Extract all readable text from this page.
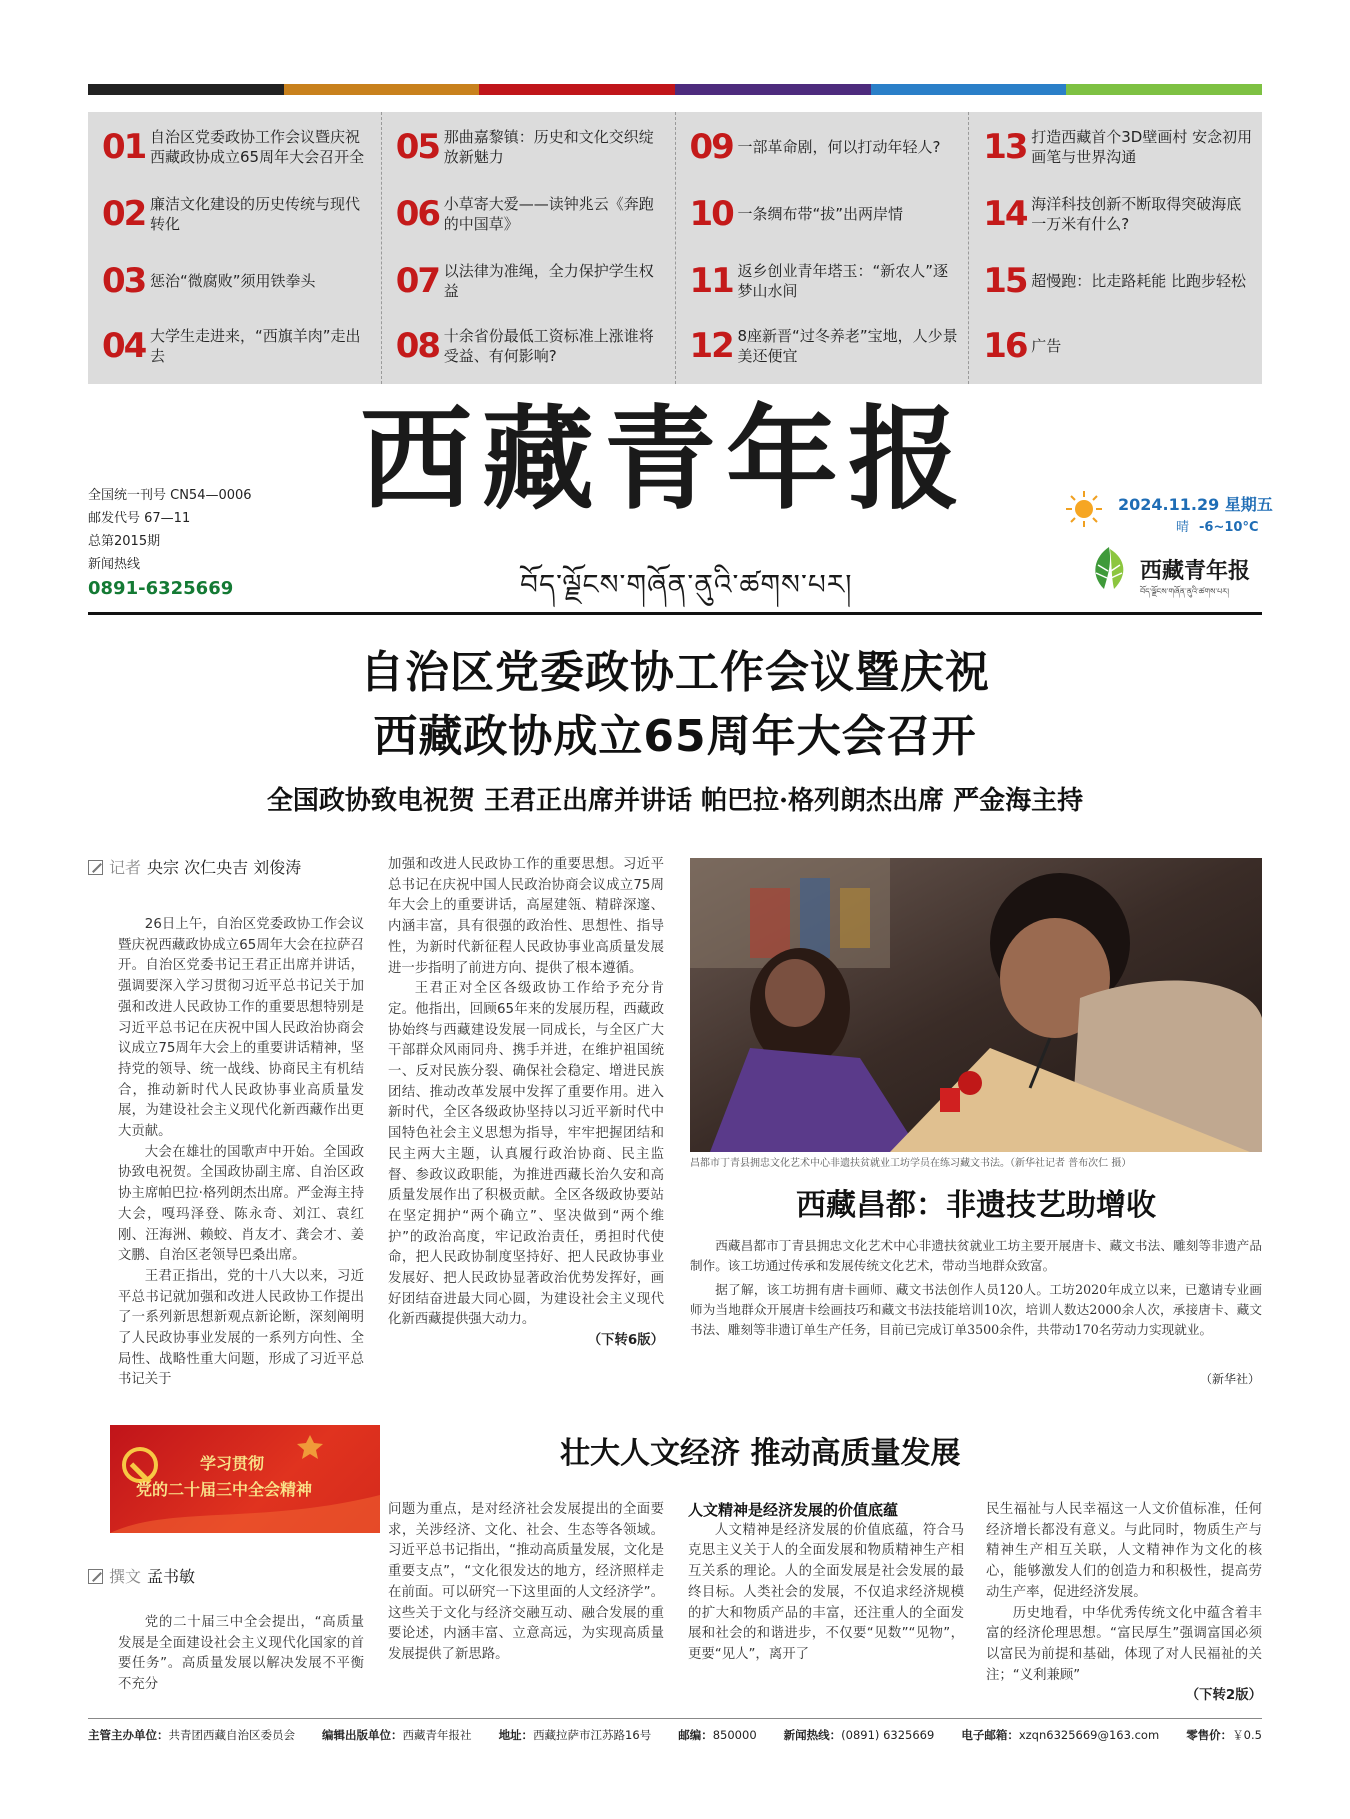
01 自治区党委政协工作会议暨庆祝西藏政协成立65周年大会召开全
02 廉洁文化建设的历史传统与现代转化
03 惩治“微腐败”须用铁拳头
04 大学生走进来，“西旗羊肉”走出去
05 那曲嘉黎镇：历史和文化交织绽放新魅力
06 小草寄大爱——读钟兆云《奔跑的中国草》
07 以法律为准绳，全力保护学生权益
08 十余省份最低工资标准上涨谁将受益、有何影响?
09 一部革命剧，何以打动年轻人?
10 一条绸布带“拔”出两岸情
11 返乡创业青年塔玉：“新农人”逐梦山水间
12 8座新晋“过冬养老”宝地，人少景美还便宜
13 打造西藏首个3D壁画村 安念初用画笔与世界沟通
14 海洋科技创新不断取得突破海底一万米有什么?
15 超慢跑：比走路耗能 比跑步轻松
16 广告
全国统一刊号 CN54—0006
邮发代号 67—11
总第2015期
新闻热线
0891-6325669
西藏青年报
བོད་ལྗོངས་གཞོན་ནུའི་ཚགས་པར།
2024.11.29 星期五
晴 -6~10°C
西藏青年报
བོད་ལྗོངས་གཞོན་ནུའི་ཚགས་པར།
自治区党委政协工作会议暨庆祝
西藏政协成立65周年大会召开
全国政协致电祝贺 王君正出席并讲话 帕巴拉·格列朗杰出席 严金海主持
记者 央宗 次仁央吉 刘俊涛

26日上午，自治区党委政协工作会议暨庆祝西藏政协成立65周年大会在拉萨召开。自治区党委书记王君正出席并讲话，强调要深入学习贯彻习近平总书记关于加强和改进人民政协工作的重要思想特别是习近平总书记在庆祝中国人民政治协商会议成立75周年大会上的重要讲话精神，坚持党的领导、统一战线、协商民主有机结合，推动新时代人民政协事业高质量发展，为建设社会主义现代化新西藏作出更大贡献。

大会在雄壮的国歌声中开始。全国政协致电祝贺。全国政协副主席、自治区政协主席帕巴拉·格列朗杰出席。严金海主持大会，嘎玛泽登、陈永奇、刘江、袁红刚、汪海洲、赖蛟、肖友才、龚会才、姜文鹏、自治区老领导巴桑出席。

王君正指出，党的十八大以来，习近平总书记就加强和改进人民政协工作提出了一系列新思想新观点新论断，深刻阐明了人民政协事业发展的一系列方向性、全局性、战略性重大问题，形成了习近平总书记关于

加强和改进人民政协工作的重要思想。习近平总书记在庆祝中国人民政治协商会议成立75周年大会上的重要讲话，高屋建瓴、精辟深邃、内涵丰富，具有很强的政治性、思想性、指导性，为新时代新征程人民政协事业高质量发展进一步指明了前进方向、提供了根本遵循。

王君正对全区各级政协工作给予充分肯定。他指出，回顾65年来的发展历程，西藏政协始终与西藏建设发展一同成长，与全区广大干部群众风雨同舟、携手并进，在维护祖国统一、反对民族分裂、确保社会稳定、增进民族团结、推动改革发展中发挥了重要作用。进入新时代，全区各级政协坚持以习近平新时代中国特色社会主义思想为指导，牢牢把握团结和民主两大主题，认真履行政治协商、民主监督、参政议政职能，为推进西藏长治久安和高质量发展作出了积极贡献。全区各级政协要站在坚定拥护“两个确立”、坚决做到“两个维护”的政治高度，牢记政治责任，勇担时代使命，把人民政协制度坚持好、把人民政协事业发展好、把人民政协显著政治优势发挥好，画好团结奋进最大同心圆，为建设社会主义现代化新西藏提供强大动力。

（下转6版）

昌都市丁青县拥忠文化艺术中心非遗扶贫就业工坊学员在练习藏文书法。（新华社记者 普布次仁 摄）
西藏昌都：非遗技艺助增收

西藏昌都市丁青县拥忠文化艺术中心非遗扶贫就业工坊主要开展唐卡、藏文书法、雕刻等非遗产品制作。该工坊通过传承和发展传统文化艺术，带动当地群众致富。

据了解，该工坊拥有唐卡画师、藏文书法创作人员120人。工坊2020年成立以来，已邀请专业画师为当地群众开展唐卡绘画技巧和藏文书法技能培训10次，培训人数达2000余人次，承接唐卡、藏文书法、雕刻等非遗订单生产任务，目前已完成订单3500余件，共带动170名劳动力实现就业。

（新华社）
学习贯彻
党的二十届三中全会精神
壮大人文经济 推动高质量发展
撰文 孟书敏

党的二十届三中全会提出，“高质量发展是全面建设社会主义现代化国家的首要任务”。高质量发展以解决发展不平衡不充分

问题为重点，是对经济社会发展提出的全面要求，关涉经济、文化、社会、生态等各领域。习近平总书记指出，“推动高质量发展，文化是重要支点”，“文化很发达的地方，经济照样走在前面。可以研究一下这里面的人文经济学”。这些关于文化与经济交融互动、融合发展的重要论述，内涵丰富、立意高远，为实现高质量发展提供了新思路。

人文精神是经济发展的价值底蕴

人文精神是经济发展的价值底蕴，符合马克思主义关于人的全面发展和物质精神生产相互关系的理论。人的全面发展是社会发展的最终目标。人类社会的发展，不仅追求经济规模的扩大和物质产品的丰富，还注重人的全面发展和社会的和谐进步，不仅要“见数”“见物”，更要“见人”，离开了

民生福祉与人民幸福这一人文价值标准，任何经济增长都没有意义。与此同时，物质生产与精神生产相互关联，人文精神作为文化的核心，能够激发人们的创造力和积极性，提高劳动生产率，促进经济发展。

历史地看，中华优秀传统文化中蕴含着丰富的经济伦理思想。“富民厚生”强调富国必须以富民为前提和基础，体现了对人民福祉的关注；“义利兼顾”

（下转2版）

主管主办单位：共青团西藏自治区委员会 编辑出版单位：西藏青年报社 地址：西藏拉萨市江苏路16号 邮编：850000 新闻热线：(0891) 6325669 电子邮箱：xzqn6325669@163.com 零售价：￥0.5
